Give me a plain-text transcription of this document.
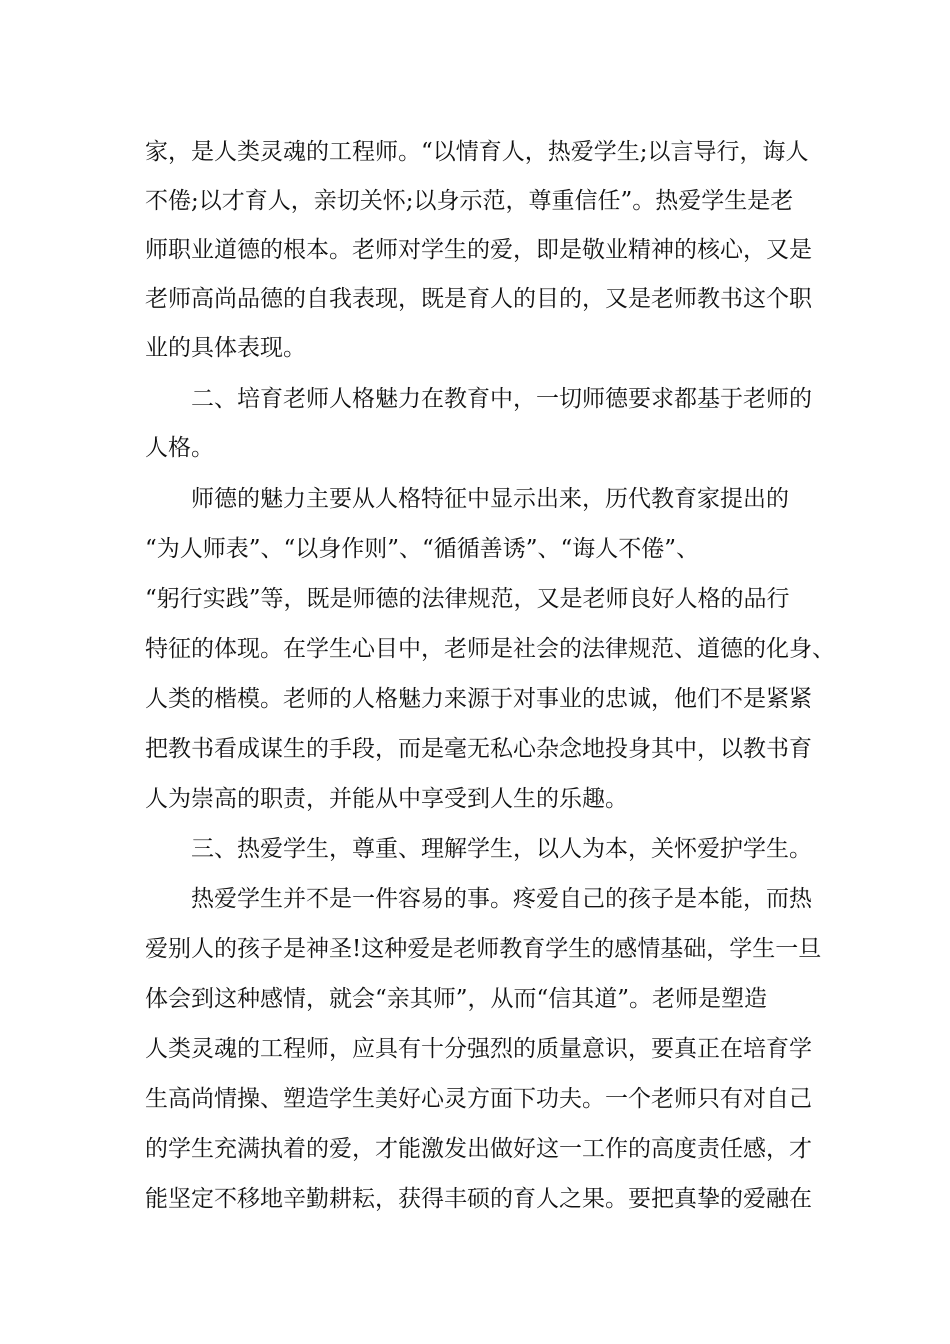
家，是人类灵魂的工程师。“以情育人，热爱学生;以言导行，诲人
不倦;以才育人，亲切关怀;以身示范，尊重信任”。热爱学生是老
师职业道德的根本。老师对学生的爱，即是敬业精神的核心，又是
老师高尚品德的自我表现，既是育人的目的，又是老师教书这个职
业的具体表现。
二、培育老师人格魅力在教育中，一切师德要求都基于老师的
人格。
师德的魅力主要从人格特征中显示出来，历代教育家提出的
“为人师表”、“以身作则”、“循循善诱”、“诲人不倦”、
“躬行实践”等，既是师德的法律规范，又是老师良好人格的品行
特征的体现。在学生心目中，老师是社会的法律规范、道德的化身、
人类的楷模。老师的人格魅力来源于对事业的忠诚，他们不是紧紧
把教书看成谋生的手段，而是毫无私心杂念地投身其中，以教书育
人为崇高的职责，并能从中享受到人生的乐趣。
三、热爱学生，尊重、理解学生，以人为本，关怀爱护学生。
热爱学生并不是一件容易的事。疼爱自己的孩子是本能，而热
爱别人的孩子是神圣!这种爱是老师教育学生的感情基础，学生一旦
体会到这种感情，就会“亲其师”，从而“信其道”。老师是塑造
人类灵魂的工程师，应具有十分强烈的质量意识，要真正在培育学
生高尚情操、塑造学生美好心灵方面下功夫。一个老师只有对自己
的学生充满执着的爱，才能激发出做好这一工作的高度责任感，才
能坚定不移地辛勤耕耘，获得丰硕的育人之果。要把真挚的爱融在
